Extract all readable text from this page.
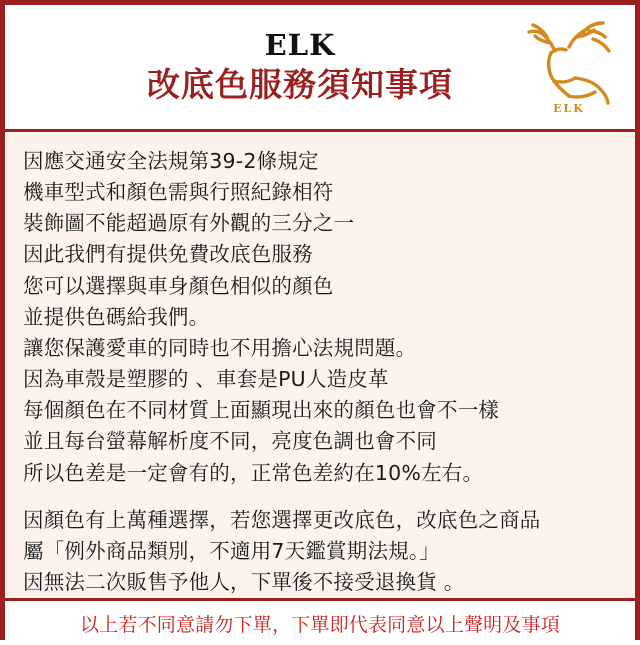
ELK
改底色服務須知事項
ELK
因應交通安全法規第39-2條規定
機車型式和顏色需與行照紀錄相符
裝飾圖不能超過原有外觀的三分之一
因此我們有提供免費改底色服務
您可以選擇與車身顏色相似的顏色
並提供色碼給我們。
讓您保護愛車的同時也不用擔心法規問題。
因為車殼是塑膠的 、車套是PU人造皮革
每個顏色在不同材質上面顯現出來的顏色也會不一樣
並且每台螢幕解析度不同，亮度色調也會不同
所以色差是一定會有的，正常色差約在10%左右。
因顏色有上萬種選擇，若您選擇更改底色，改底色之商品
屬「例外商品類別，不適用7天鑑賞期法規。」
因無法二次販售予他人，下單後不接受退換貨 。
以上若不同意請勿下單，下單即代表同意以上聲明及事項
